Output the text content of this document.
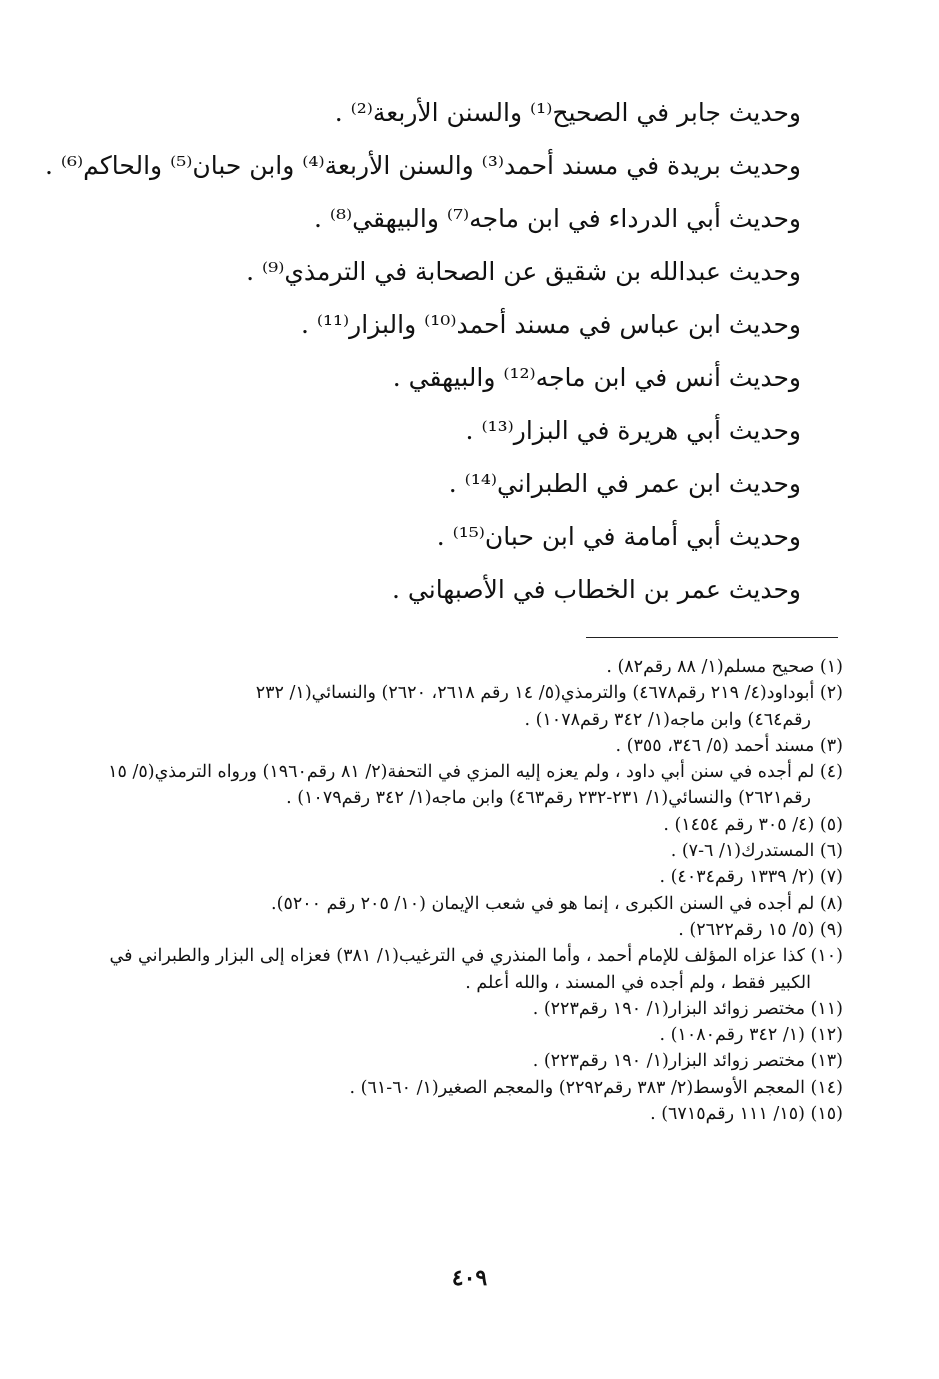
وحديث جابر في الصحيح⁽¹⁾ والسنن الأربعة⁽²⁾ .
وحديث بريدة في مسند أحمد⁽³⁾ والسنن الأربعة⁽⁴⁾ وابن حبان⁽⁵⁾ والحاكم⁽⁶⁾ .
وحديث أبي الدرداء في ابن ماجه⁽⁷⁾ والبيهقي⁽⁸⁾ .
وحديث عبدالله بن شقيق عن الصحابة في الترمذي⁽⁹⁾ .
وحديث ابن عباس في مسند أحمد⁽¹⁰⁾ والبزار⁽¹¹⁾ .
وحديث أنس في ابن ماجه⁽¹²⁾ والبيهقي .
وحديث أبي هريرة في البزار⁽¹³⁾ .
وحديث ابن عمر في الطبراني⁽¹⁴⁾ .
وحديث أبي أمامة في ابن حبان⁽¹⁵⁾ .
وحديث عمر بن الخطاب في الأصبهاني .
(١) صحيح مسلم(١/ ٨٨ رقم٨٢) .
(٢) أبوداود(٤/ ٢١٩ رقم٤٦٧٨) والترمذي(٥/ ١٤ رقم ٢٦١٨، ٢٦٢٠) والنسائي(١/ ٢٣٢
رقم٤٦٤) وابن ماجه(١/ ٣٤٢ رقم١٠٧٨) .
(٣) مسند أحمد (٥/ ٣٤٦، ٣٥٥) .
(٤) لم أجده في سنن أبي داود ، ولم يعزه إليه المزي في التحفة(٢/ ٨١ رقم١٩٦٠) ورواه الترمذي(٥/ ١٥
رقم٢٦٢١) والنسائي(١/ ٢٣١-٢٣٢ رقم٤٦٣) وابن ماجه(١/ ٣٤٢ رقم١٠٧٩) .
(٥) (٤/ ٣٠٥ رقم ١٤٥٤) .
(٦) المستدرك(١/ ٦-٧) .
(٧) (٢/ ١٣٣٩ رقم٤٠٣٤) .
(٨) لم أجده في السنن الكبرى ، إنما هو في شعب الإيمان (١٠/ ٢٠٥ رقم ٥٢٠٠).
(٩) (٥/ ١٥ رقم٢٦٢٢) .
(١٠) كذا عزاه المؤلف للإمام أحمد ، وأما المنذري في الترغيب(١/ ٣٨١) فعزاه إلى البزار والطبراني في
الكبير فقط ، ولم أجده في المسند ، والله أعلم .
(١١) مختصر زوائد البزار(١/ ١٩٠ رقم٢٢٣) .
(١٢) (١/ ٣٤٢ رقم١٠٨٠) .
(١٣) مختصر زوائد البزار(١/ ١٩٠ رقم٢٢٣) .
(١٤) المعجم الأوسط(٢/ ٣٨٣ رقم٢٢٩٢) والمعجم الصغير(١/ ٦٠-٦١) .
(١٥) (١٥/ ١١١ رقم٦٧١٥) .
٤٠٩
